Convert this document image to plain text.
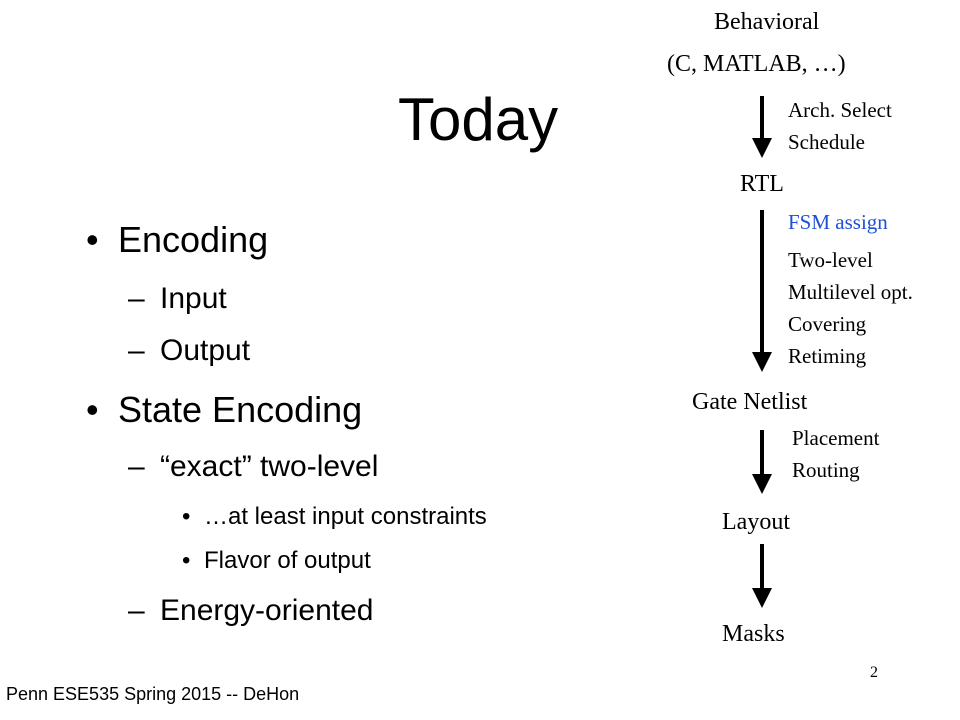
Today
• Encoding
– Input
– Output
• State Encoding
– “exact” two-level
• …at least input constraints
• Flavor of output
– Energy-oriented
Behavioral
(C, MATLAB, …)
Arch. Select
Schedule
RTL
FSM assign
Two-level
Multilevel opt.
Covering
Retiming
Gate Netlist
Placement
Routing
Layout
Masks
Penn ESE535 Spring 2015 -- DeHon
2
